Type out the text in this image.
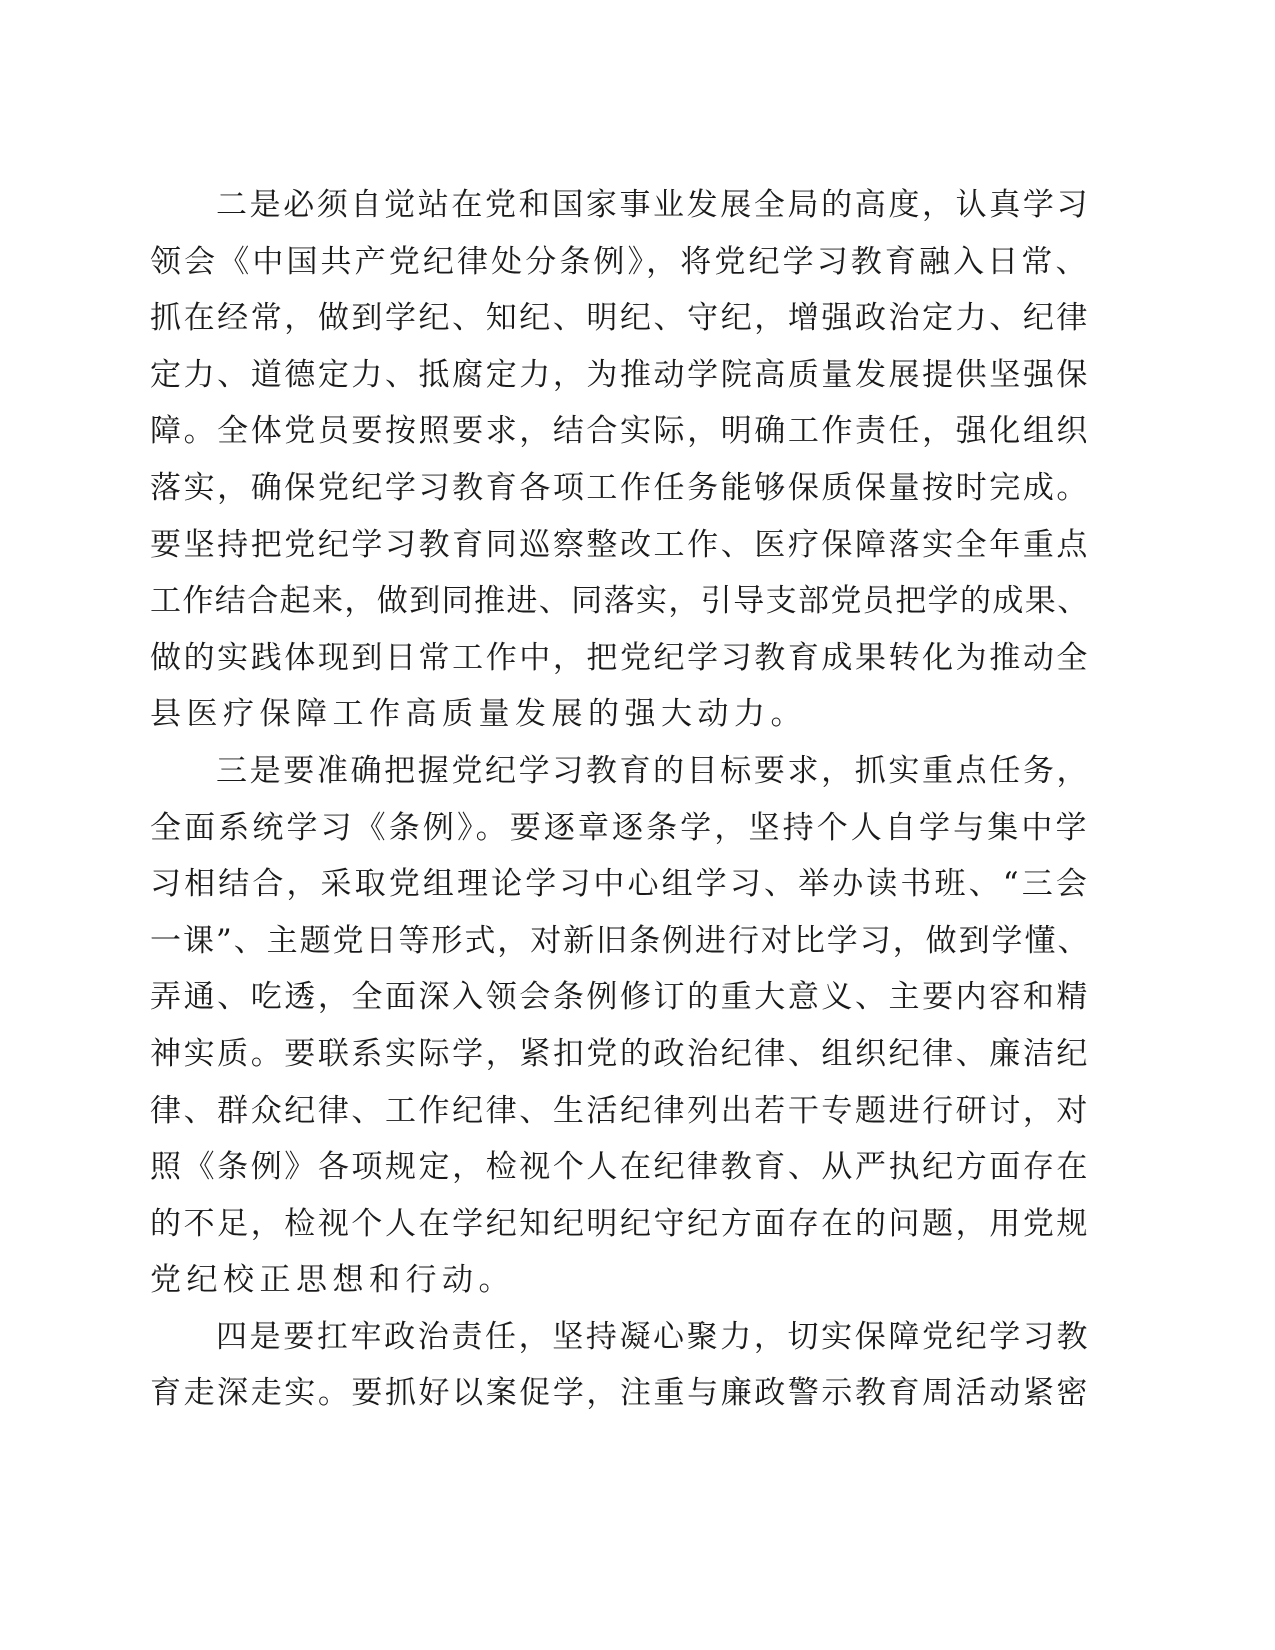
二是必须自觉站在党和国家事业发展全局的高度，认真学习
领会《中国共产党纪律处分条例》，将党纪学习教育融入日常、
抓在经常，做到学纪、知纪、明纪、守纪，增强政治定力、纪律
定力、道德定力、抵腐定力，为推动学院高质量发展提供坚强保
障。全体党员要按照要求，结合实际，明确工作责任，强化组织
落实，确保党纪学习教育各项工作任务能够保质保量按时完成。
要坚持把党纪学习教育同巡察整改工作、医疗保障落实全年重点
工作结合起来，做到同推进、同落实，引导支部党员把学的成果、
做的实践体现到日常工作中，把党纪学习教育成果转化为推动全
县医疗保障工作高质量发展的强大动力。
三是要准确把握党纪学习教育的目标要求，抓实重点任务，
全面系统学习《条例》。要逐章逐条学，坚持个人自学与集中学
习相结合，采取党组理论学习中心组学习、举办读书班、“三会
一课”、主题党日等形式，对新旧条例进行对比学习，做到学懂、
弄通、吃透，全面深入领会条例修订的重大意义、主要内容和精
神实质。要联系实际学，紧扣党的政治纪律、组织纪律、廉洁纪
律、群众纪律、工作纪律、生活纪律列出若干专题进行研讨，对
照《条例》各项规定，检视个人在纪律教育、从严执纪方面存在
的不足，检视个人在学纪知纪明纪守纪方面存在的问题，用党规
党纪校正思想和行动。
四是要扛牢政治责任，坚持凝心聚力，切实保障党纪学习教
育走深走实。要抓好以案促学，注重与廉政警示教育周活动紧密
